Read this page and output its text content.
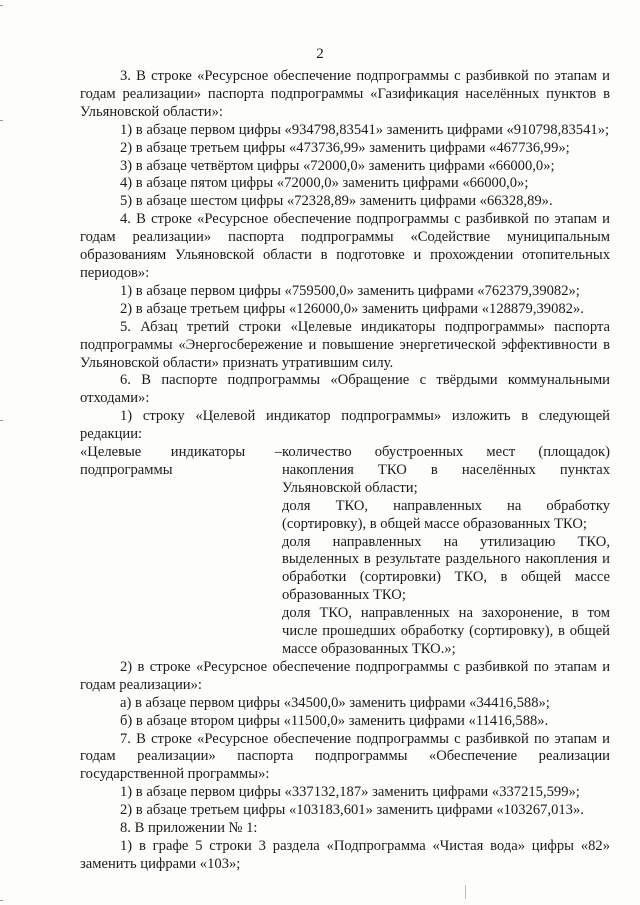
2

3. В строке «Ресурсное обеспечение подпрограммы с разбивкой по этапам и годам реализации» паспорта подпрограммы «Газификация населённых пунктов в Ульяновской области»:

1) в абзаце первом цифры «934798,83541» заменить цифрами «910798,83541»;

2) в абзаце третьем цифры «473736,99» заменить цифрами «467736,99»;

3) в абзаце четвёртом цифры «72000,0» заменить цифрами «66000,0»;

4) в абзаце пятом цифры «72000,0» заменить цифрами «66000,0»;

5) в абзаце шестом цифры «72328,89» заменить цифрами «66328,89».

4. В строке «Ресурсное обеспечение подпрограммы с разбивкой по этапам и годам реализации» паспорта подпрограммы «Содействие муниципальным образованиям Ульяновской области в подготовке и прохождении отопительных периодов»:

1) в абзаце первом цифры «759500,0» заменить цифрами «762379,39082»;

2) в абзаце третьем цифры «126000,0» заменить цифрами «128879,39082».

5. Абзац третий строки «Целевые индикаторы подпрограммы» паспорта подпрограммы «Энергосбережение и повышение энергетической эффективности в Ульяновской области» признать утратившим силу.

6. В паспорте подпрограммы «Обращение с твёрдыми коммунальными отходами»:

1) строку «Целевой индикатор подпрограммы» изложить в следующей редакции:

«Целевые индикаторы – подпрограммы

количество обустроенных мест (площадок) накопления ТКО в населённых пунктах Ульяновской области;

доля ТКО, направленных на обработку (сортировку), в общей массе образованных ТКО;

доля направленных на утилизацию ТКО, выделенных в результате раздельного накопления и обработки (сортировки) ТКО, в общей массе образованных ТКО;

доля ТКО, направленных на захоронение, в том числе прошедших обработку (сортировку), в общей массе образованных ТКО.»;

2) в строке «Ресурсное обеспечение подпрограммы с разбивкой по этапам и годам реализации»:

а) в абзаце первом цифры «34500,0» заменить цифрами «34416,588»;

б) в абзаце втором цифры «11500,0» заменить цифрами «11416,588».

7. В строке «Ресурсное обеспечение подпрограммы с разбивкой по этапам и годам реализации» паспорта подпрограммы «Обеспечение реализации государственной программы»:

1) в абзаце первом цифры «337132,187» заменить цифрами «337215,599»;

2) в абзаце третьем цифры «103183,601» заменить цифрами «103267,013».

8. В приложении № 1:

1) в графе 5 строки 3 раздела «Подпрограмма «Чистая вода» цифры «82» заменить цифрами «103»;
